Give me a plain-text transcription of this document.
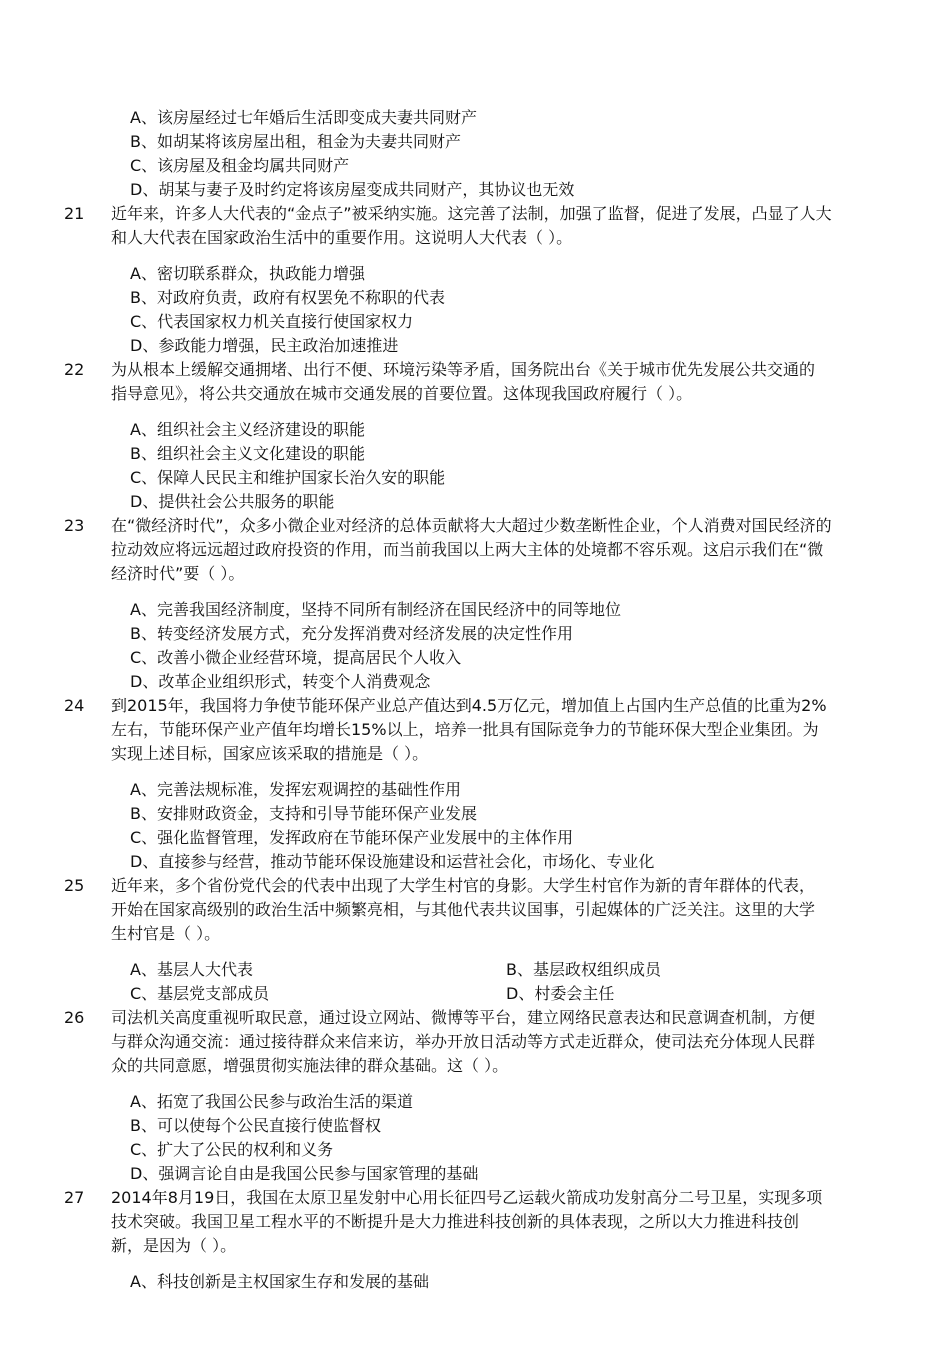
A、该房屋经过七年婚后生活即变成夫妻共同财产
B、如胡某将该房屋出租，租金为夫妻共同财产
C、该房屋及租金均属共同财产
D、胡某与妻子及时约定将该房屋变成共同财产，其协议也无效
21 近年来，许多人大代表的“金点子”被采纳实施。这完善了法制，加强了监督，促进了发展，凸显了人大
和人大代表在国家政治生活中的重要作用。这说明人大代表（ ）。
A、密切联系群众，执政能力增强
B、对政府负责，政府有权罢免不称职的代表
C、代表国家权力机关直接行使国家权力
D、参政能力增强，民主政治加速推进
22 为从根本上缓解交通拥堵、出行不便、环境污染等矛盾，国务院出台《关于城市优先发展公共交通的
指导意见》，将公共交通放在城市交通发展的首要位置。这体现我国政府履行（ ）。
A、组织社会主义经济建设的职能
B、组织社会主义文化建设的职能
C、保障人民民主和维护国家长治久安的职能
D、提供社会公共服务的职能
23 在“微经济时代”，众多小微企业对经济的总体贡献将大大超过少数垄断性企业，个人消费对国民经济的
拉动效应将远远超过政府投资的作用，而当前我国以上两大主体的处境都不容乐观。这启示我们在“微
经济时代”要（ ）。
A、完善我国经济制度，坚持不同所有制经济在国民经济中的同等地位
B、转变经济发展方式，充分发挥消费对经济发展的决定性作用
C、改善小微企业经营环境，提高居民个人收入
D、改革企业组织形式，转变个人消费观念
24 到2015年，我国将力争使节能环保产业总产值达到4.5万亿元，增加值上占国内生产总值的比重为2%
左右，节能环保产业产值年均增长15%以上，培养一批具有国际竞争力的节能环保大型企业集团。为
实现上述目标，国家应该采取的措施是（ ）。
A、完善法规标准，发挥宏观调控的基础性作用
B、安排财政资金，支持和引导节能环保产业发展
C、强化监督管理，发挥政府在节能环保产业发展中的主体作用
D、直接参与经营，推动节能环保设施建设和运营社会化，市场化、专业化
25 近年来，多个省份党代会的代表中出现了大学生村官的身影。大学生村官作为新的青年群体的代表，
开始在国家高级别的政治生活中频繁亮相，与其他代表共议国事，引起媒体的广泛关注。这里的大学
生村官是（ ）。
A、基层人大代表	B、基层政权组织成员
C、基层党支部成员	D、村委会主任
26 司法机关高度重视听取民意，通过设立网站、微博等平台，建立网络民意表达和民意调查机制，方便
与群众沟通交流：通过接待群众来信来访，举办开放日活动等方式走近群众，使司法充分体现人民群
众的共同意愿，增强贯彻实施法律的群众基础。这（ ）。
A、拓宽了我国公民参与政治生活的渠道
B、可以使每个公民直接行使监督权
C、扩大了公民的权利和义务
D、强调言论自由是我国公民参与国家管理的基础
27 2014年8月19日，我国在太原卫星发射中心用长征四号乙运载火箭成功发射高分二号卫星，实现多项
技术突破。我国卫星工程水平的不断提升是大力推进科技创新的具体表现，之所以大力推进科技创
新，是因为（ ）。
A、科技创新是主权国家生存和发展的基础
